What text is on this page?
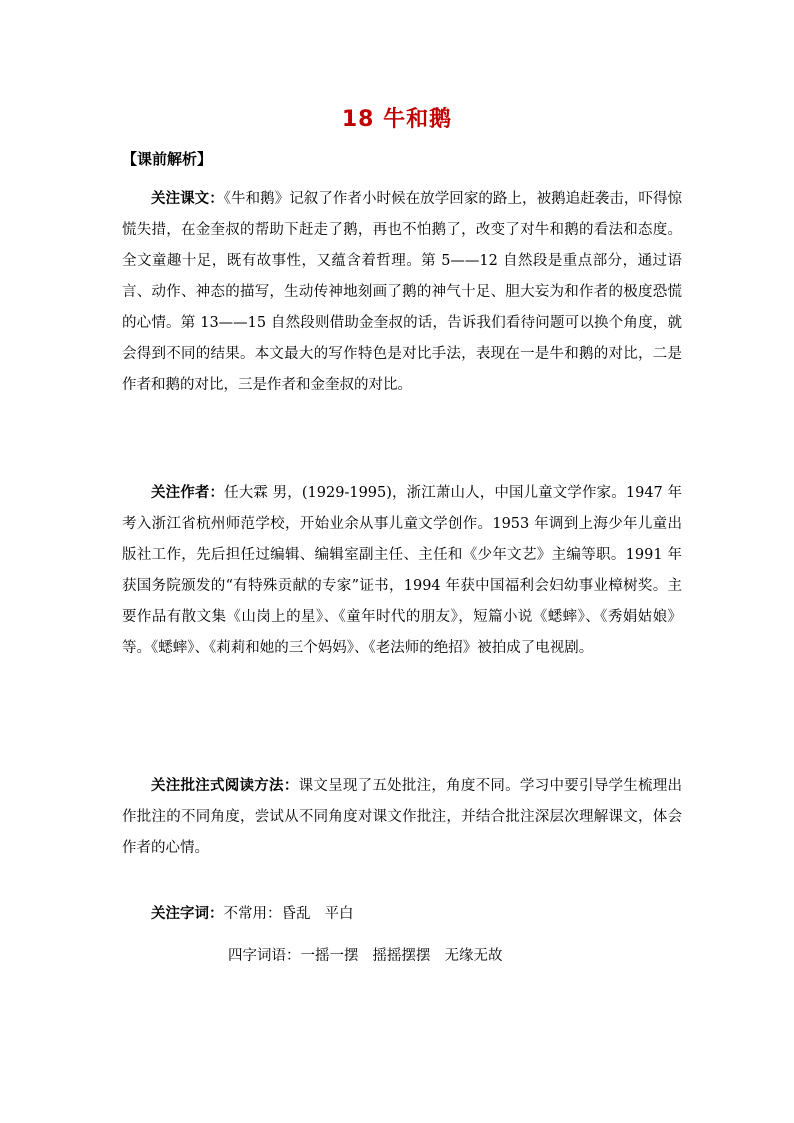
18 牛和鹅
【课前解析】
关注课文：《牛和鹅》记叙了作者小时候在放学回家的路上，被鹅追赶袭击，吓得惊慌失措，在金奎叔的帮助下赶走了鹅，再也不怕鹅了，改变了对牛和鹅的看法和态度。全文童趣十足，既有故事性，又蕴含着哲理。第 5——12 自然段是重点部分，通过语言、动作、神态的描写，生动传神地刻画了鹅的神气十足、胆大妄为和作者的极度恐慌的心情。第 13——15 自然段则借助金奎叔的话，告诉我们看待问题可以换个角度，就会得到不同的结果。本文最大的写作特色是对比手法，表现在一是牛和鹅的对比，二是作者和鹅的对比，三是作者和金奎叔的对比。
关注作者：任大霖 男，(1929-1995)，浙江萧山人，中国儿童文学作家。1947 年考入浙江省杭州师范学校，开始业余从事儿童文学创作。1953 年调到上海少年儿童出版社工作，先后担任过编辑、编辑室副主任、主任和《少年文艺》主编等职。1991 年获国务院颁发的“有特殊贡献的专家”证书，1994 年获中国福利会妇幼事业樟树奖。主要作品有散文集《山岗上的星》、《童年时代的朋友》，短篇小说《蟋蟀》、《秀娟姑娘》等。《蟋蟀》、《莉莉和她的三个妈妈》、《老法师的绝招》被拍成了电视剧。
关注批注式阅读方法：课文呈现了五处批注，角度不同。学习中要引导学生梳理出作批注的不同角度，尝试从不同角度对课文作批注，并结合批注深层次理解课文，体会作者的心情。
关注字词：不常用：昏乱 平白
四字词语：一摇一摆 摇摇摆摆 无缘无故
